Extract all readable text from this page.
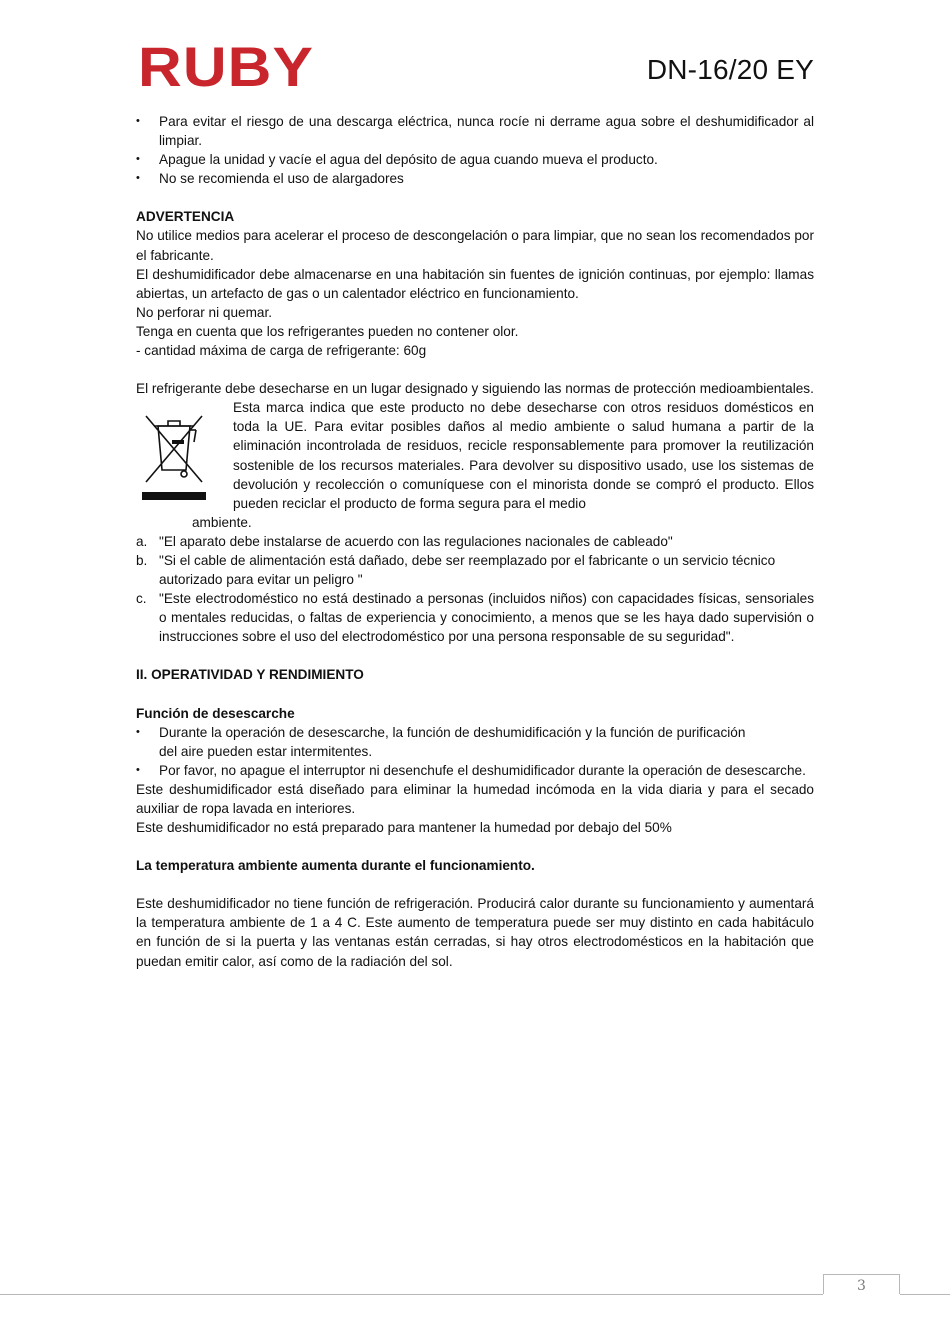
RUBY	DN-16/20 EY
• Para evitar el riesgo de una descarga eléctrica, nunca rocíe ni derrame agua sobre el deshumidificador al limpiar.
• Apague la unidad y vacíe el agua del depósito de agua cuando mueva el producto.
• No se recomienda el uso de alargadores

ADVERTENCIA

No utilice medios para acelerar el proceso de descongelación o para limpiar, que no sean los recomendados por el fabricante.

El deshumidificador debe almacenarse en una habitación sin fuentes de ignición continuas, por ejemplo: llamas abiertas, un artefacto de gas o un calentador eléctrico en funcionamiento.

No perforar ni quemar.

Tenga en cuenta que los refrigerantes pueden no contener olor.

- cantidad máxima de carga de refrigerante: 60g

El refrigerante debe desecharse en un lugar designado y siguiendo las normas de protección medioambientales.

Esta marca indica que este producto no debe desecharse con otros residuos domésticos en toda la UE. Para evitar posibles daños al medio ambiente o salud humana a partir de la eliminación incontrolada de residuos, recicle responsablemente para promover la reutilización sostenible de los recursos materiales. Para devolver su dispositivo usado, use los sistemas de devolución y recolección o comuníquese con el minorista donde se compró el producto. Ellos pueden reciclar el producto de forma segura para el medio

ambiente.

a. "El aparato debe instalarse de acuerdo con las regulaciones nacionales de cableado"
b. "Si el cable de alimentación está dañado, debe ser reemplazado por el fabricante o un servicio técnico autorizado para evitar un peligro "
c. "Este electrodoméstico no está destinado a personas (incluidos niños) con capacidades físicas, sensoriales o mentales reducidas, o faltas de experiencia y conocimiento, a menos que se les haya dado supervisión o instrucciones sobre el uso del electrodoméstico por una persona responsable de su seguridad".

II. OPERATIVIDAD Y RENDIMIENTO

Función de desescarche

• Durante la operación de desescarche, la función de deshumidificación y la función de purificación
del aire pueden estar intermitentes.
• Por favor, no apague el interruptor ni desenchufe el deshumidificador durante la operación de desescarche.

Este deshumidificador está diseñado para eliminar la humedad incómoda en la vida diaria y para el secado auxiliar de ropa lavada en interiores.

Este deshumidificador no está preparado para mantener la humedad por debajo del 50%

La temperatura ambiente aumenta durante el funcionamiento.

Este deshumidificador no tiene función de refrigeración. Producirá calor durante su funcionamiento y aumentará la temperatura ambiente de 1 a 4 C. Este aumento de temperatura puede ser muy distinto en cada habitáculo en función de si la puerta y las ventanas están cerradas, si hay otros electrodomésticos en la habitación que puedan emitir calor, así como de la radiación del sol.

3
